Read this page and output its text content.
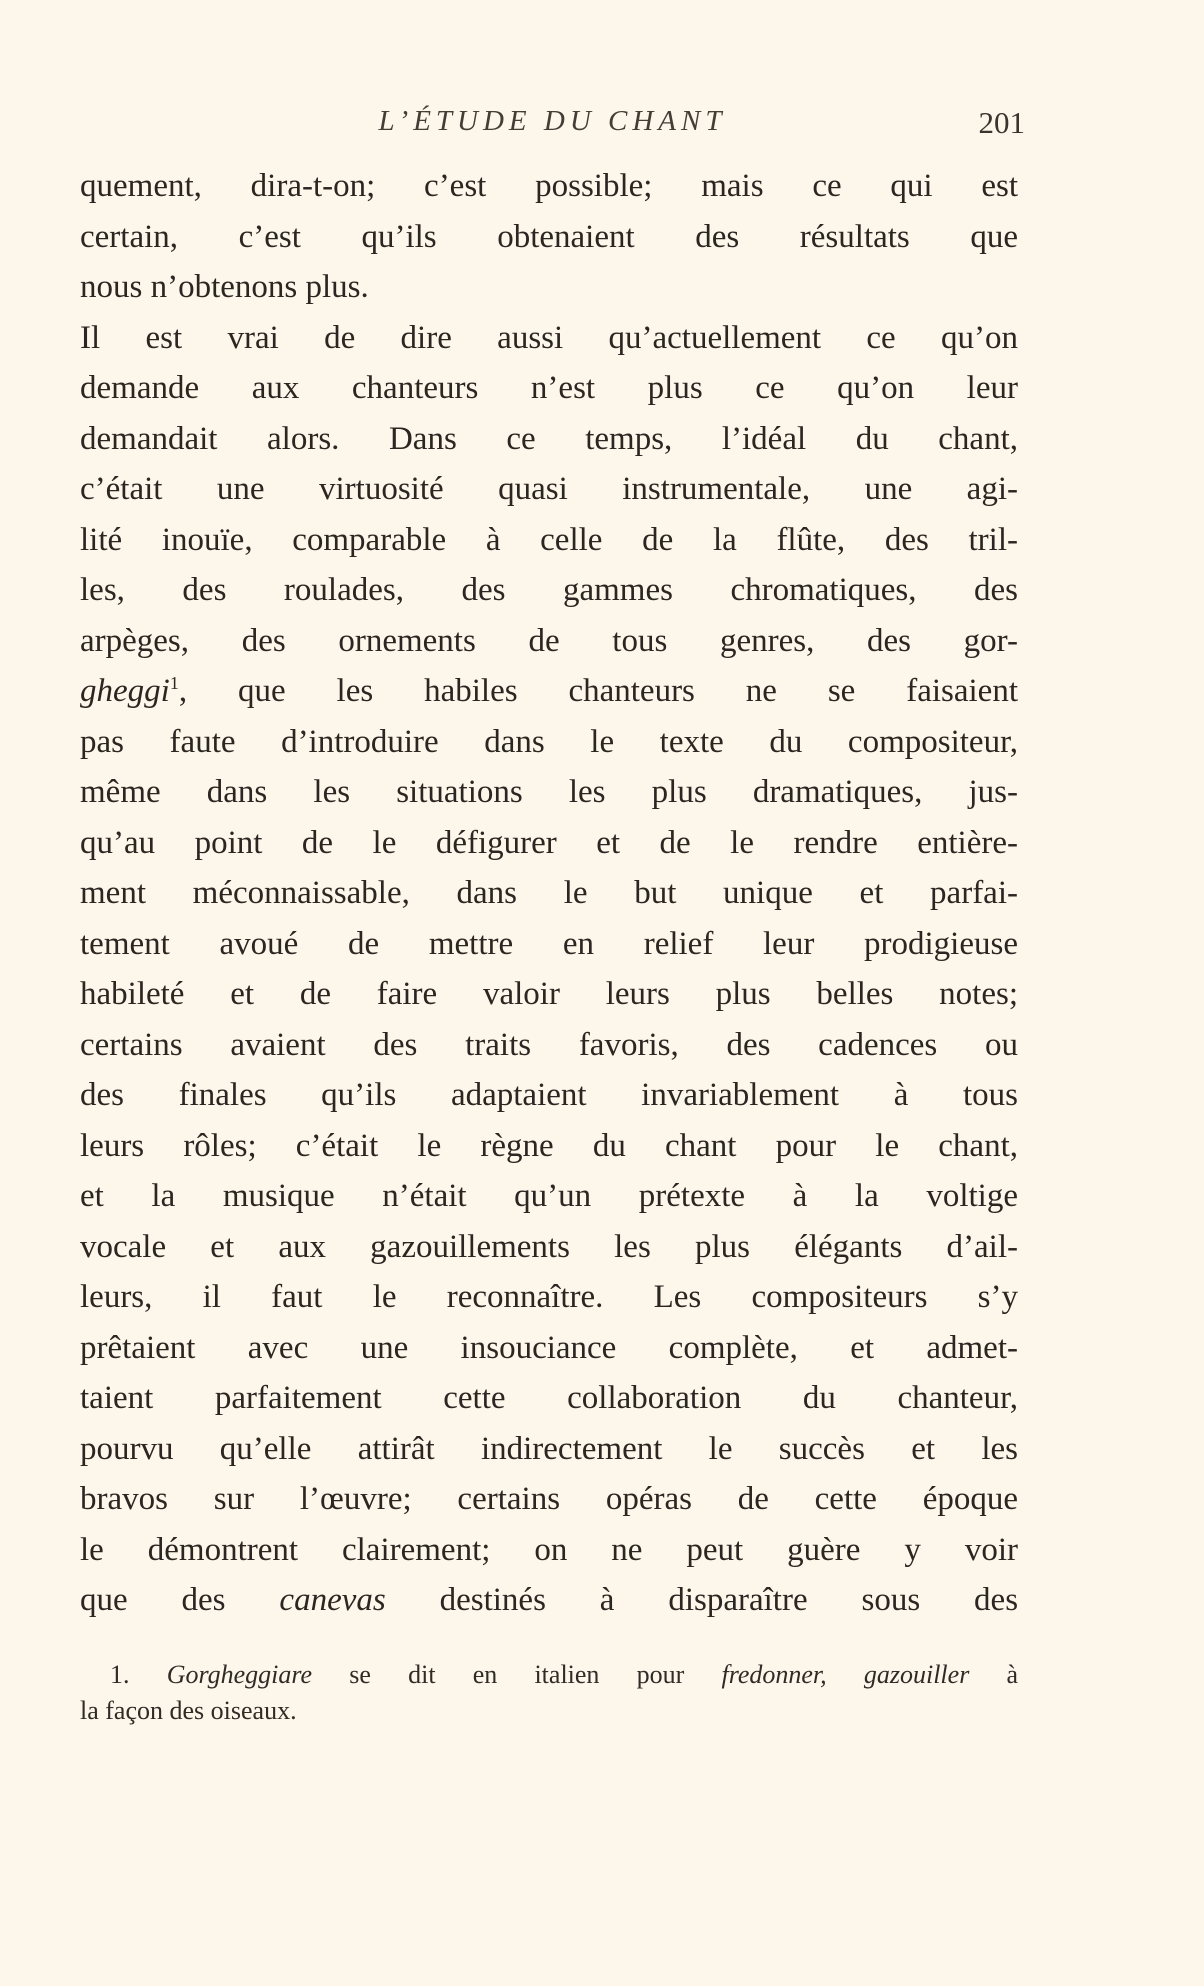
L’ÉTUDE DU CHANT	201
quement, dira-t-on; c’est possible; mais ce qui est
certain, c’est qu’ils obtenaient des résultats que
nous n’obtenons plus.
Il est vrai de dire aussi qu’actuellement ce qu’on
demande aux chanteurs n’est plus ce qu’on leur
demandait alors. Dans ce temps, l’idéal du chant,
c’était une virtuosité quasi instrumentale, une agi-
lité inouïe, comparable à celle de la flûte, des tril-
les, des roulades, des gammes chromatiques, des
arpèges, des ornements de tous genres, des gor-
gheggi$^1$, que les habiles chanteurs ne se faisaient
pas faute d’introduire dans le texte du compositeur,
même dans les situations les plus dramatiques, jus-
qu’au point de le défigurer et de le rendre entière-
ment méconnaissable, dans le but unique et parfai-
tement avoué de mettre en relief leur prodigieuse
habileté et de faire valoir leurs plus belles notes;
certains avaient des traits favoris, des cadences ou
des finales qu’ils adaptaient invariablement à tous
leurs rôles; c’était le règne du chant pour le chant,
et la musique n’était qu’un prétexte à la voltige
vocale et aux gazouillements les plus élégants d’ail-
leurs, il faut le reconnaître. Les compositeurs s’y
prêtaient avec une insouciance complète, et admet-
taient parfaitement cette collaboration du chanteur,
pourvu qu’elle attirât indirectement le succès et les
bravos sur l’œuvre; certains opéras de cette époque
le démontrent clairement; on ne peut guère y voir
que des canevas destinés à disparaître sous des
1. Gorgheggiare se dit en italien pour fredonner, gazouiller à
la façon des oiseaux.
